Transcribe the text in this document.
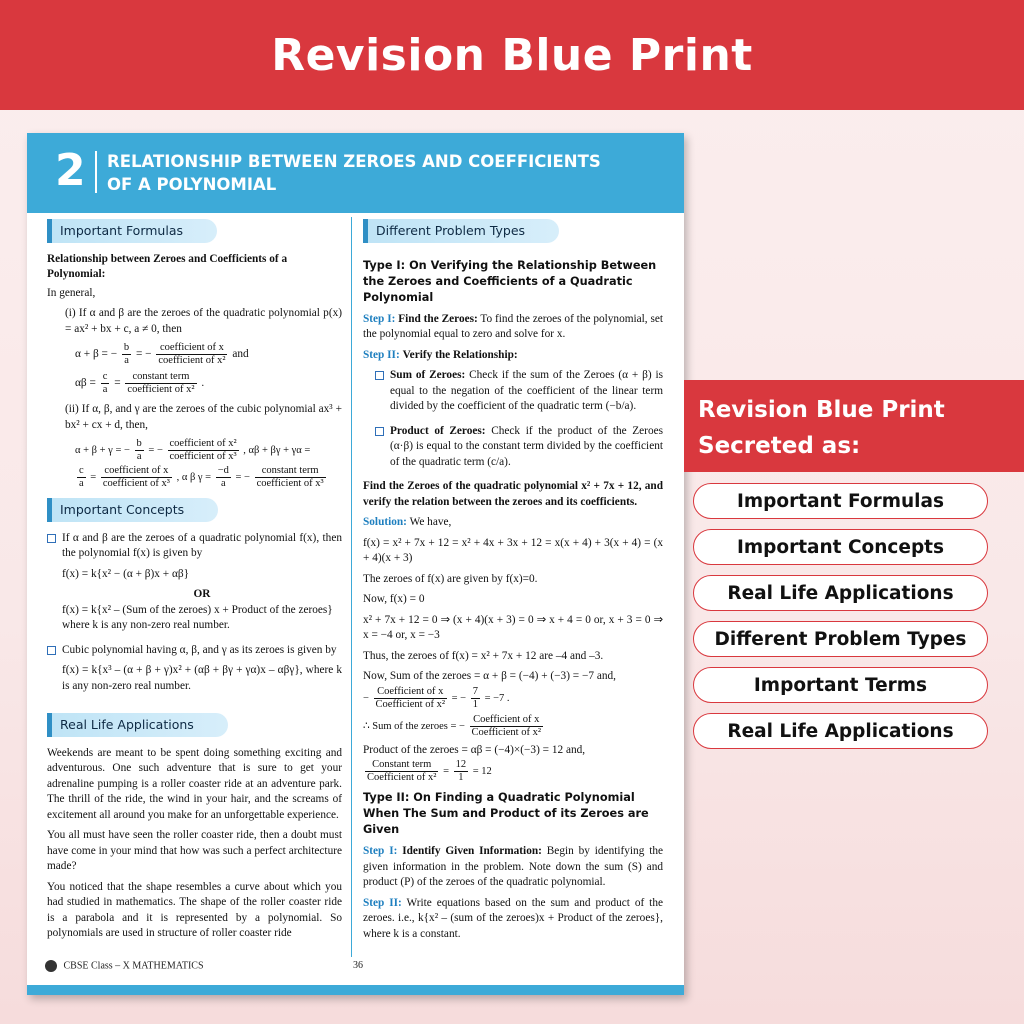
Revision Blue Print
2 RELATIONSHIP BETWEEN ZEROES AND COEFFICIENTS
OF A POLYNOMIAL
Important Formulas
Relationship between Zeroes and Coefficients of a Polynomial:

In general,

(i) If α and β are the zeroes of the quadratic polynomial p(x) = ax² + bx + c, a ≠ 0, then

α + β = − $\frac{b}{a}$ = − $\frac{\text{coefficient of x}}{\text{coefficient of x²}}$ and
$\alpha\beta = \frac{c}{a} = \frac{\text{constant term}}{\text{coefficient of x²}}$ .

(ii) If α, β, and γ are the zeroes of the cubic polynomial ax³ + bx² + cx + d, then,

α + β + γ = − $\frac{b}{a}$ = − $\frac{\text{coefficient of x²}}{\text{coefficient of x³}}$ , αβ + βγ + γα =
$\frac{c}{a} = \frac{\text{coefficient of x}}{\text{coefficient of x³}}$ , α β $\gamma = \frac{-d}{a}$ = − $\frac{\text{constant term}}{\text{coefficient of x³}}$
Important Concepts

If α and β are the zeroes of a quadratic polynomial f(x), then the polynomial f(x) is given by

f(x) = k{x² − (α + β)x + αβ}

OR

f(x) = k{x² – (Sum of the zeroes) x + Product of the zeroes}

where k is any non-zero real number.

Cubic polynomial having α, β, and γ as its zeroes is given by

f(x) = k{x³ – (α + β + γ)x² + (αβ + βγ + γα)x – αβγ}, where k is any non-zero real number.

Real Life Applications

Weekends are meant to be spent doing something exciting and adventurous. One such adventure that is sure to get your adrenaline pumping is a roller coaster ride at an adventure park. The thrill of the ride, the wind in your hair, and the screams of excitement all around you make for an unforgettable experience.

You all must have seen the roller coaster ride, then a doubt must have come in your mind that how was such a perfect architecture made?

You noticed that the shape resembles a curve about which you had studied in mathematics. The shape of the roller coaster ride is a parabola and it is represented by a polynomial. So polynomials are used in structure of roller coaster ride

Different Problem Types
Type I: On Verifying the Relationship Between the Zeroes and Coefficients of a Quadratic Polynomial

Step I: Find the Zeroes: To find the zeroes of the polynomial, set the polynomial equal to zero and solve for x.

Step II: Verify the Relationship:

Sum of Zeroes: Check if the sum of the Zeroes (α + β) is equal to the negation of the coefficient of the linear term divided by the coefficient of the quadratic term (−b/a).

Product of Zeroes: Check if the product of the Zeroes (α·β) is equal to the constant term divided by the coefficient of the quadratic term (c/a).

Find the Zeroes of the quadratic polynomial x² + 7x + 12, and verify the relation between the zeroes and its coefficients.

Solution: We have,

f(x) = x² + 7x + 12 = x² + 4x + 3x + 12 = x(x + 4) + 3(x + 4) = (x + 4)(x + 3)

The zeroes of f(x) are given by f(x)=0.

Now, f(x) = 0

x² + 7x + 12 = 0 ⇒ (x + 4)(x + 3) = 0 ⇒ x + 4 = 0 or, x + 3 = 0 ⇒ x = −4 or, x = −3

Thus, the zeroes of f(x) = x² + 7x + 12 are –4 and –3.

Now, Sum of the zeroes = α + β = (−4) + (−3) = −7 and,

− $\frac{\text{Coefficient of x}}{\text{Coefficient of x²}}$ = − $\frac{7}{1} = -7$ .
∴ Sum of the zeroes = − $\frac{\text{Coefficient of x}}{\text{Coefficient of x²}}$

Product of the zeroes = αβ = (−4)×(−3) = 12 and,

$\frac{\text{Constant term}}{\text{Coefficient of x²}} = \frac{12}{1} = 12$
Type II: On Finding a Quadratic Polynomial When The Sum and Product of its Zeroes are Given

Step I: Identify Given Information: Begin by identifying the given information in the problem. Note down the sum (S) and product (P) of the zeroes of the quadratic polynomial.

Step II: Write equations based on the sum and product of the zeroes. i.e., k{x² – (sum of the zeroes)x + Product of the zeroes}, where k is a constant.

CBSE Class – X MATHEMATICS	36
Revision Blue Print
Secreted as:
Important Formulas
Important Concepts
Real Life Applications
Different Problem Types
Important Terms
Real Life Applications
